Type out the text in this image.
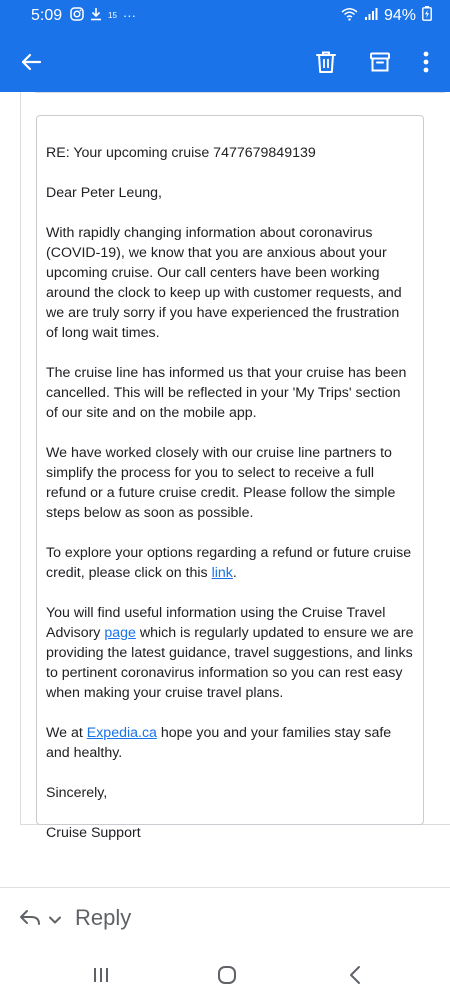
5:09	15 ···	94%

RE: Your upcoming cruise 7477679849139

Dear Peter Leung,

With rapidly changing information about coronavirus (COVID-19), we know that you are anxious about your upcoming cruise. Our call centers have been working around the clock to keep up with customer requests, and we are truly sorry if you have experienced the frustration of long wait times.

The cruise line has informed us that your cruise has been cancelled. This will be reflected in your 'My Trips' section of our site and on the mobile app.

We have worked closely with our cruise line partners to simplify the process for you to select to receive a full refund or a future cruise credit. Please follow the simple steps below as soon as possible.

To explore your options regarding a refund or future cruise credit, please click on this link.

You will find useful information using the Cruise Travel Advisory page which is regularly updated to ensure we are providing the latest guidance, travel suggestions, and links to pertinent coronavirus information so you can rest easy when making your cruise travel plans.

We at Expedia.ca hope you and your families stay safe and healthy.

Sincerely,

Cruise Support

Reply
